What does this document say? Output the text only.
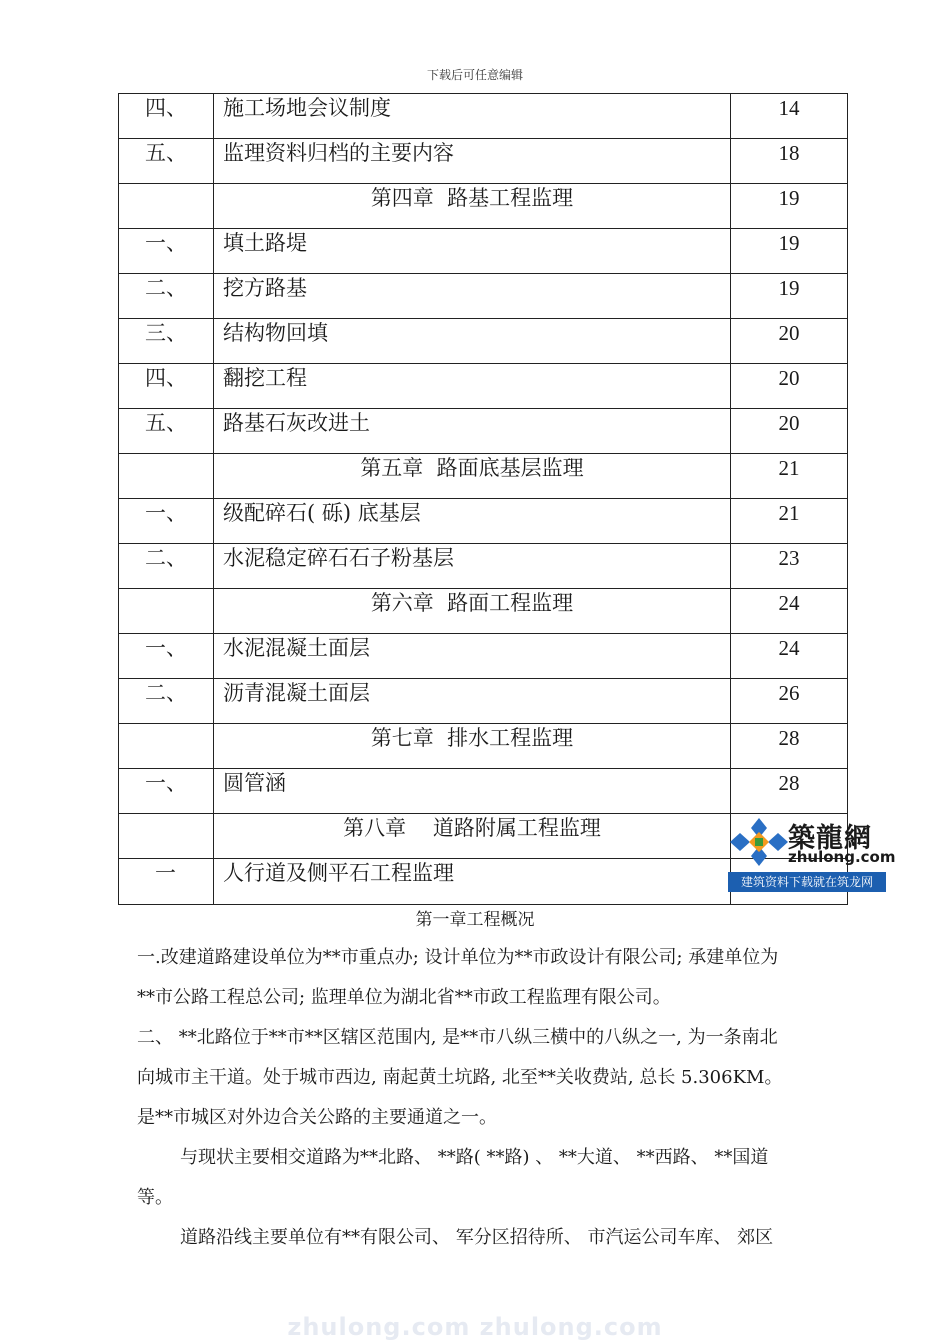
下载后可任意编辑
四、	施工场地会议制度	14
五、	监理资料归档的主要内容	18
	第四章  路基工程监理	19
一、	填土路堤	19
二、	挖方路基	19
三、	结构物回填	20
四、	翻挖工程	20
五、	路基石灰改进土	20
	第五章  路面底基层监理	21
一、	级配碎石( 砾) 底基层	21
二、	水泥稳定碎石石子粉基层	23
	第六章  路面工程监理	24
一、	水泥混凝土面层	24
二、	沥青混凝土面层	26
	第七章  排水工程监理	28
一、	圆管涵	28
	第八章    道路附属工程监理	
一	人行道及侧平石工程监理	
築龍網
zhulong.com
建筑资料下载就在筑龙网
第一章工程概况
一.改建道路建设单位为**市重点办; 设计单位为**市政设计有限公司; 承建单位为
**市公路工程总公司; 监理单位为湖北省**市政工程监理有限公司。
二、 **北路位于**市**区辖区范围内, 是**市八纵三横中的八纵之一, 为一条南北
向城市主干道。处于城市西边, 南起黄土坑路, 北至**关收费站, 总长 5.306KM。
是**市城区对外边合关公路的主要通道之一。
与现状主要相交道路为**北路、 **路( **路) 、 **大道、 **西路、 **国道
等。
道路沿线主要单位有**有限公司、 军分区招待所、 市汽运公司车库、 郊区
zhulong.com zhulong.com
